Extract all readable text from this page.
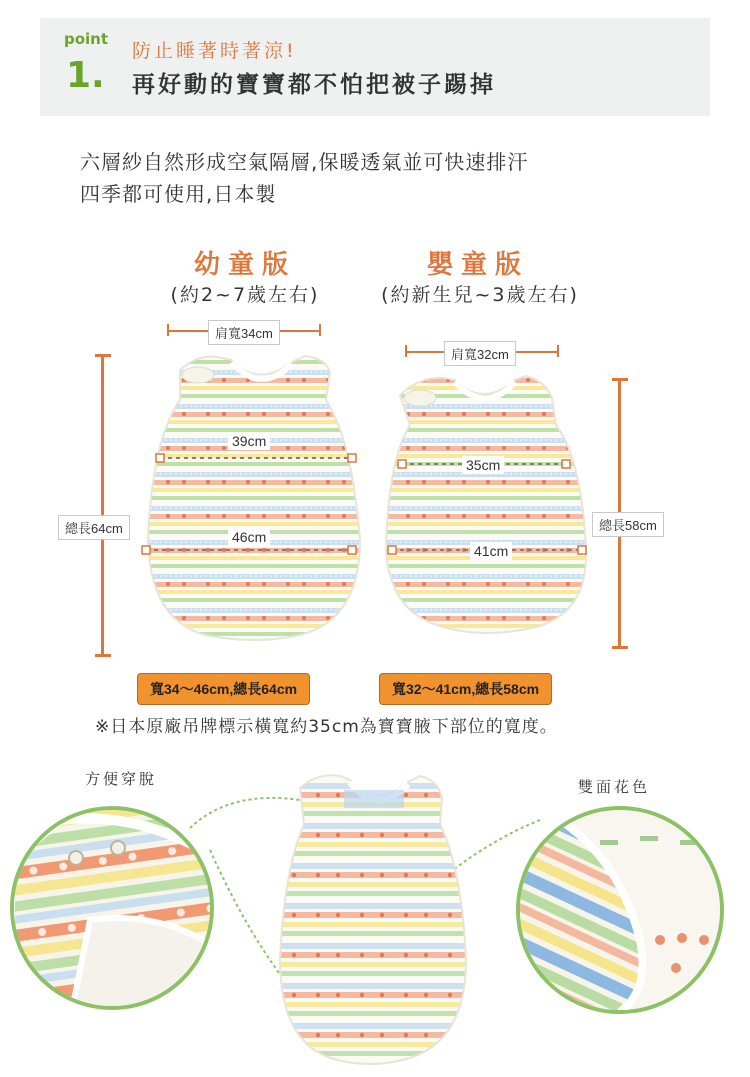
point
1.
防止睡著時著涼!
再好動的寶寶都不怕把被子踢掉
六層紗自然形成空氣隔層,保暖透氣並可快速排汗
四季都可使用,日本製
幼童版
(約2~7歲左右)
嬰童版
(約新生兒~3歲左右)
肩寬34cm
肩寬32cm
39cm
46cm
35cm
41cm
總長64cm	總長58cm
寬34～46cm,總長64cm	寬32～41cm,總長58cm
※日本原廠吊牌標示橫寬約35cm為寶寶腋下部位的寬度。
方便穿脫	雙面花色
